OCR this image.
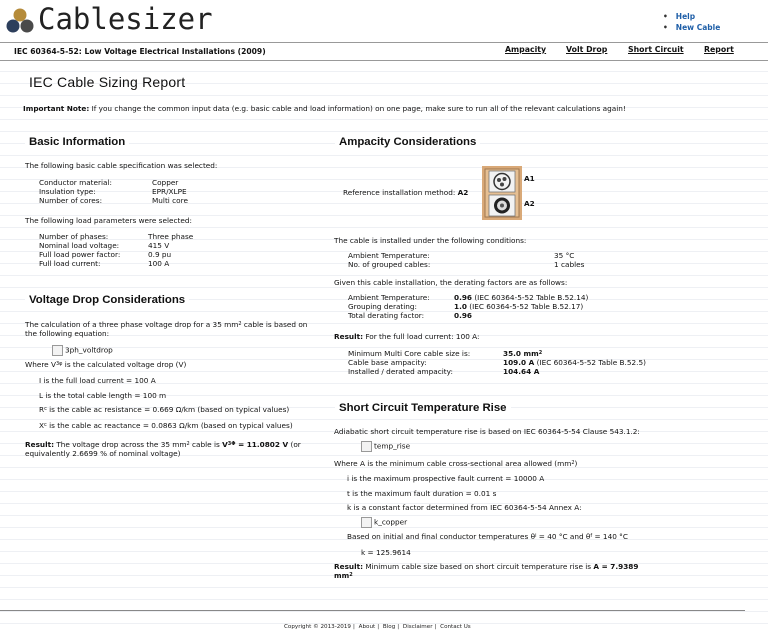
Cablesizer
•	Help
• New Cable
IEC 60364-5-52: Low Voltage Electrical Installations (2009)	Ampacity	Volt Drop	Short Circuit	Report
IEC Cable Sizing Report
Important Note: If you change the common input data (e.g. basic cable and load information) on one page, make sure to run all of the relevant calculations again!
Basic Information
The following basic cable specification was selected:
Conductor material:
Insulation type:
Number of cores:
Copper
EPR/XLPE
Multi core
The following load parameters were selected:
Number of phases:
Nominal load voltage:
Full load power factor:
Full load current:
Three phase
415 V
0.9 pu
100 A
Voltage Drop Considerations
The calculation of a three phase voltage drop for a 35 $mm^2$ cable is based on
the following equation:
3ph_voltdrop
Where V3φ is the calculated voltage drop (V)
I is the full load current = 100 A
L is the total cable length = 100 m
Rc is the cable ac resistance = 0.669 Ω/km (based on typical values)
Xc is the cable ac reactance = 0.0863 Ω/km (based on typical values)
Result: The voltage drop across the 35 $mm^2$ cable is V3Φ = 11.0802 V (or
equivalently 2.6699 % of nominal voltage)
Ampacity Considerations
Reference installation method: A2
A1
A2
The cable is installed under the following conditions:
Ambient Temperature:
No. of grouped cables:
35 °C
1 cables
Given this cable installation, the derating factors are as follows:
Ambient Temperature:
Grouping derating:
Total derating factor:
0.96 (IEC 60364-5-52 Table B.52.14)
1.0 (IEC 60364-5-52 Table B.52.17)
0.96
Result: For the full load current: 100 A:
Minimum Multi Core cable size is:
Cable base ampacity:
Installed / derated ampacity:
35.0 $mm^2$
109.0 A (IEC 60364-5-52 Table B.52.5)
104.64 A
Short Circuit Temperature Rise
Adiabatic short circuit temperature rise is based on IEC 60364-5-54 Clause 543.1.2:
temp_rise
Where A is the minimum cable cross-sectional area allowed $(mm^2)$
i is the maximum prospective fault current = 10000 A
t is the maximum fault duration = 0.01 s
k is a constant factor determined from IEC 60364-5-54 Annex A:
k_copper
Based on initial and final conductor temperatures θi = 40 °C and θf = 140 °C
k = 125.9614
Result: Minimum cable size based on short circuit temperature rise is A = 7.9389
$mm^2$
Copyright © 2013-2019 | About | Blog | Disclaimer | Contact Us
